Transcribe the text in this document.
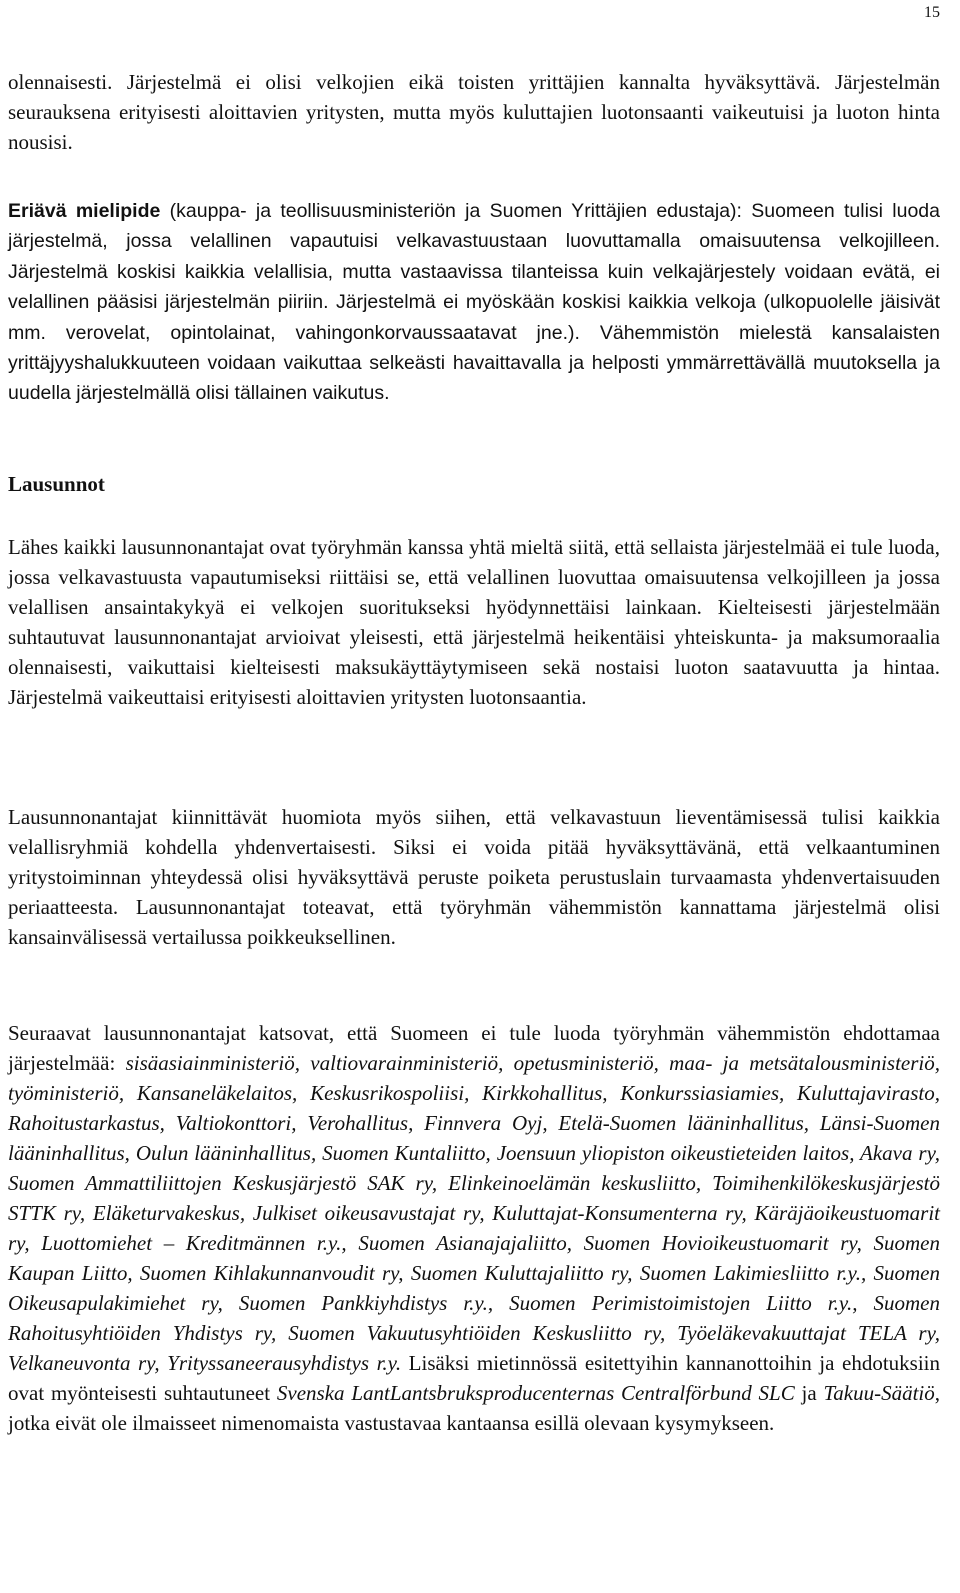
15

olennaisesti. Järjestelmä ei olisi velkojien eikä toisten yrittäjien kannalta hyväksyttävä. Järjestelmän seurauksena erityisesti aloittavien yritysten, mutta myös kuluttajien luotonsaanti vaikeutuisi ja luoton hinta nousisi.

Eriävä mielipide (kauppa- ja teollisuusministeriön ja Suomen Yrittäjien edustaja): Suomeen tulisi luoda järjestelmä, jossa velallinen vapautuisi velkavastuustaan luovuttamalla omaisuutensa velkojilleen. Järjestelmä koskisi kaikkia velallisia, mutta vastaavissa tilanteissa kuin velkajärjestely voidaan evätä, ei velallinen pääsisi järjestelmän piiriin. Järjestelmä ei myöskään koskisi kaikkia velkoja (ulkopuolelle jäisivät mm. verovelat, opintolainat, vahingonkorvaussaatavat jne.). Vähemmistön mielestä kansalaisten yrittäjyyshalukkuuteen voidaan vaikuttaa selkeästi havaittavalla ja helposti ymmärrettävällä muutoksella ja uudella järjestelmällä olisi tällainen vaikutus.

Lausunnot

Lähes kaikki lausunnonantajat ovat työryhmän kanssa yhtä mieltä siitä, että sellaista järjestelmää ei tule luoda, jossa velkavastuusta vapautumiseksi riittäisi se, että velallinen luovuttaa omaisuutensa velkojilleen ja jossa velallisen ansaintakykyä ei velkojen suoritukseksi hyödynnettäisi lainkaan. Kielteisesti järjestelmään suhtautuvat lausunnonantajat arvioivat yleisesti, että järjestelmä heikentäisi yhteiskunta- ja maksumoraalia olennaisesti, vaikuttaisi kielteisesti maksukäyttäytymiseen sekä nostaisi luoton saatavuutta ja hintaa. Järjestelmä vaikeuttaisi erityisesti aloittavien yritysten luotonsaantia.

Lausunnonantajat kiinnittävät huomiota myös siihen, että velkavastuun lieventämisessä tulisi kaikkia velallisryhmiä kohdella yhdenvertaisesti. Siksi ei voida pitää hyväksyttävänä, että velkaantuminen yritystoiminnan yhteydessä olisi hyväksyttävä peruste poiketa perustuslain turvaamasta yhdenvertaisuuden periaatteesta. Lausunnonantajat toteavat, että työryhmän vähemmistön kannattama järjestelmä olisi kansainvälisessä vertailussa poikkeuksellinen.

Seuraavat lausunnonantajat katsovat, että Suomeen ei tule luoda työryhmän vähemmistön ehdottamaa järjestelmää: sisäasiainministeriö, valtiovarainministeriö, opetusministeriö, maa- ja metsätalousministeriö, työministeriö, Kansaneläkelaitos, Keskusrikospoliisi, Kirkkohallitus, Konkurssiasiamies, Kuluttajavirasto, Rahoitustarkastus, Valtiokonttori, Verohallitus, Finnvera Oyj, Etelä-Suomen lääninhallitus, Länsi-Suomen lääninhallitus, Oulun lääninhallitus, Suomen Kuntaliitto, Joensuun yliopiston oikeustieteiden laitos, Akava ry, Suomen Ammattiliittojen Keskusjärjestö SAK ry, Elinkeinoelämän keskusliitto, Toimihenkilökeskusjärjestö STTK ry, Eläketurvakeskus, Julkiset oikeusavustajat ry, Kuluttajat-Konsumenterna ry, Käräjäoikeustuomarit ry, Luottomiehet – Kreditmännen r.y., Suomen Asianajajaliitto, Suomen Hovioikeustuomarit ry, Suomen Kaupan Liitto, Suomen Kihlakunnanvoudit ry, Suomen Kuluttajaliitto ry, Suomen Lakimiesliitto r.y., Suomen Oikeusapulakimiehet ry, Suomen Pankkiyhdistys r.y., Suomen Perimistoimistojen Liitto r.y., Suomen Rahoitusyhtiöiden Yhdistys ry, Suomen Vakuutusyhtiöiden Keskusliitto ry, Työeläkevakuuttajat TELA ry, Velkaneuvonta ry, Yrityssaneerausyhdistys r.y. Lisäksi mietinnössä esitettyihin kannanottoihin ja ehdotuksiin ovat myönteisesti suhtautuneet Svenska LantLantsbruksproducenternas Centralförbund SLC ja Takuu-Säätiö, jotka eivät ole ilmaisseet nimenomaista vastustavaa kantaansa esillä olevaan kysymykseen.
